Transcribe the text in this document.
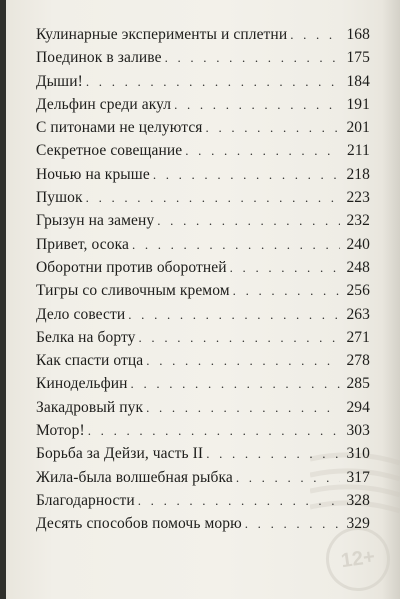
12+
Кулинарные эксперименты и сплетни . . .	168
Поединок в заливе . . .	175
Дыши! . . .	184
Дельфин среди акул . . .	191
С питонами не целуются . . .	201
Секретное совещание . . .	211
Ночью на крыше . . .	218
Пушок . . .	223
Грызун на замену . . .	232
Привет, осока . . .	240
Оборотни против оборотней . . .	248
Тигры со сливочным кремом . . .	256
Дело совести . . .	263
Белка на борту . . .	271
Как спасти отца . . .	278
Кинодельфин . . .	285
Закадровый пук . . .	294
Мотор! . . .	303
Борьба за Дейзи, часть II . . .	310
Жила-была волшебная рыбка . . .	317
Благодарности . . .	328
Десять способов помочь морю . . .	329
